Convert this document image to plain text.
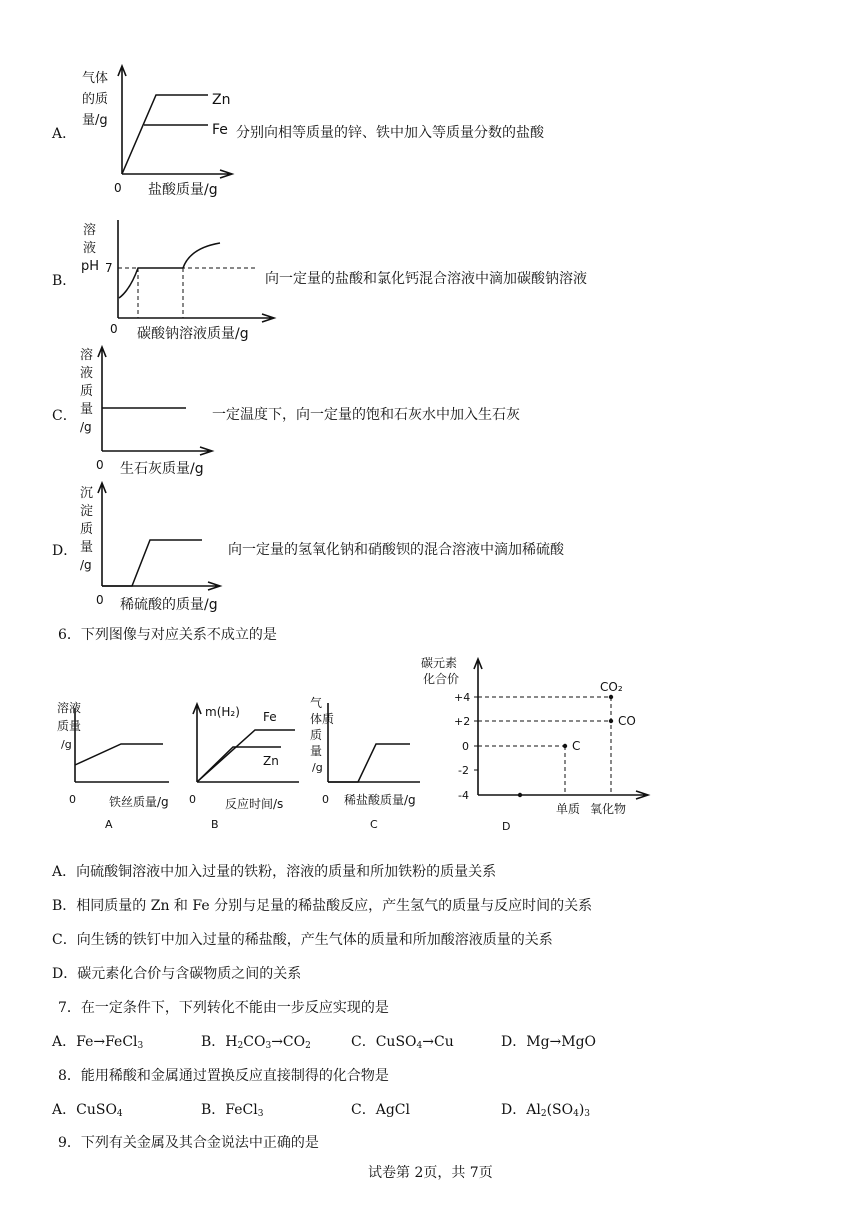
A．
气体
的质
量/g
Zn
Fe
0 盐酸质量/g
分别向相等质量的锌、铁中加入等质量分数的盐酸
B．
溶
液
pH 7
0 碳酸钠溶液质量/g
向一定量的盐酸和氯化钙混合溶液中滴加碳酸钠溶液
C．
溶
液
质
量
/g
0 生石灰质量/g
一定温度下，向一定量的饱和石灰水中加入生石灰
D．
沉
淀
质
量
/g
0 稀硫酸的质量/g
向一定量的氢氧化钠和硝酸钡的混合溶液中滴加稀硫酸
6．下列图像与对应关系不成立的是
溶液
质量
/g
0	铁丝质量/g
A
m(H₂) Fe
Zn
0 反应时间/s
B
气
体质
质
量
/g
0 稀盐酸质量/g
C
碳元素
化合价
+4
+2
0
-2
-4
CO₂
CO
C
单质 氧化物
D
A．向硫酸铜溶液中加入过量的铁粉，溶液的质量和所加铁粉的质量关系
B．相同质量的 Zn 和 Fe 分别与足量的稀盐酸反应，产生氢气的质量与反应时间的关系
C．向生锈的铁钉中加入过量的稀盐酸，产生气体的质量和所加酸溶液质量的关系
D．碳元素化合价与含碳物质之间的关系
7．在一定条件下，下列转化不能由一步反应实现的是
A．Fe→FeCl$_3$	B．$H_2CO_3\to CO_2$	C．CuSO$_4$→Cu	D．Mg→MgO
8．能用稀酸和金属通过置换反应直接制得的化合物是
A．CuSO$_4$	B．FeCl$_3$	C．AgCl	D．$Al_2(SO_4)_3$
9．下列有关金属及其合金说法中正确的是
试卷第 2页，共 7页
